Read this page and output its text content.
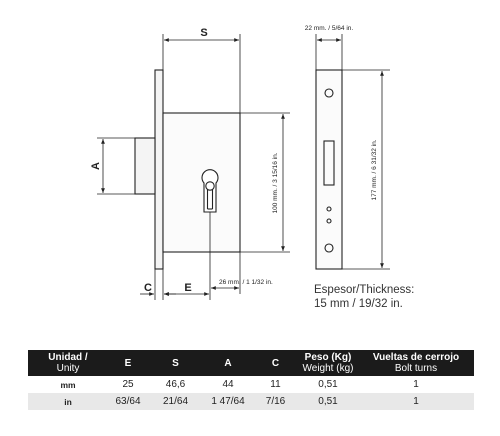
S
A	100 mm. / 3 15/16 in.
C	E	26 mm. / 1 1/32 in.
22 mm. / 5/64 in.
177 mm. / 6 31/32 in.
Espesor/Thickness:
15 mm / 19/32 in.
Unidad /
Unity	E	S	A	C	Peso (Kg)
Weight (kg)	Vueltas de cerrojo
Bolt turns

mm	25	46,6	44	11	0,51	1
in	63/64	21/64	1 47/64	7/16	0,51	1
